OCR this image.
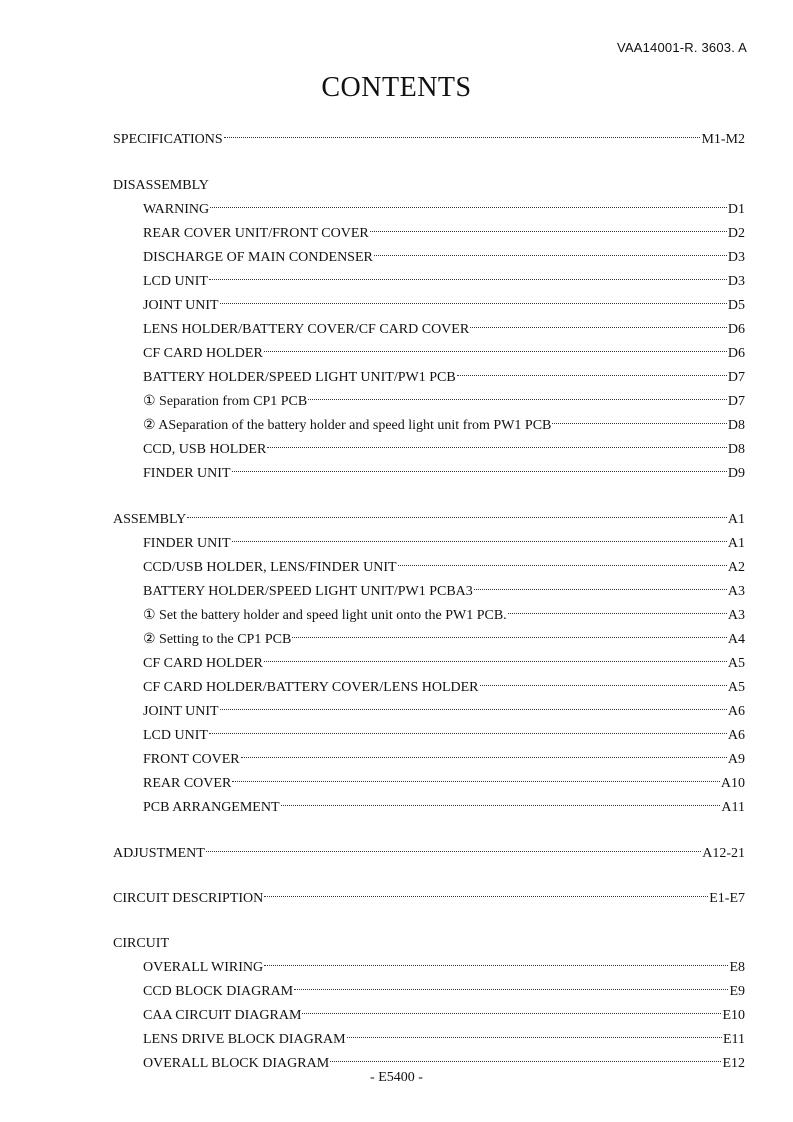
VAA14001-R. 3603. A
CONTENTS
SPECIFICATIONS	M1-M2
DISASSEMBLY
WARNING	D1
REAR COVER UNIT/FRONT COVER	D2
DISCHARGE OF MAIN CONDENSER	D3
LCD UNIT	D3
JOINT UNIT	D5
LENS HOLDER/BATTERY COVER/CF CARD COVER	D6
CF CARD HOLDER	D6
BATTERY HOLDER/SPEED LIGHT UNIT/PW1 PCB	D7
① Separation from CP1 PCB	D7
② ASeparation of the battery holder and speed light unit from PW1 PCB	D8
CCD, USB HOLDER	D8
FINDER UNIT	D9
ASSEMBLY	A1
FINDER UNIT	A1
CCD/USB HOLDER, LENS/FINDER UNIT	A2
BATTERY HOLDER/SPEED LIGHT UNIT/PW1 PCBA3	A3
① Set the battery holder and speed light unit onto the PW1 PCB.	A3
② Setting to the CP1 PCB	A4
CF CARD HOLDER	A5
CF CARD HOLDER/BATTERY COVER/LENS HOLDER	A5
JOINT UNIT	A6
LCD UNIT	A6
FRONT COVER	A9
REAR COVER	A10
PCB ARRANGEMENT	A11
ADJUSTMENT	A12-21
CIRCUIT DESCRIPTION	E1-E7
CIRCUIT
OVERALL WIRING	E8
CCD BLOCK DIAGRAM	E9
CAA CIRCUIT DIAGRAM	E10
LENS DRIVE BLOCK DIAGRAM	E11
OVERALL BLOCK DIAGRAM	E12
- E5400 -
